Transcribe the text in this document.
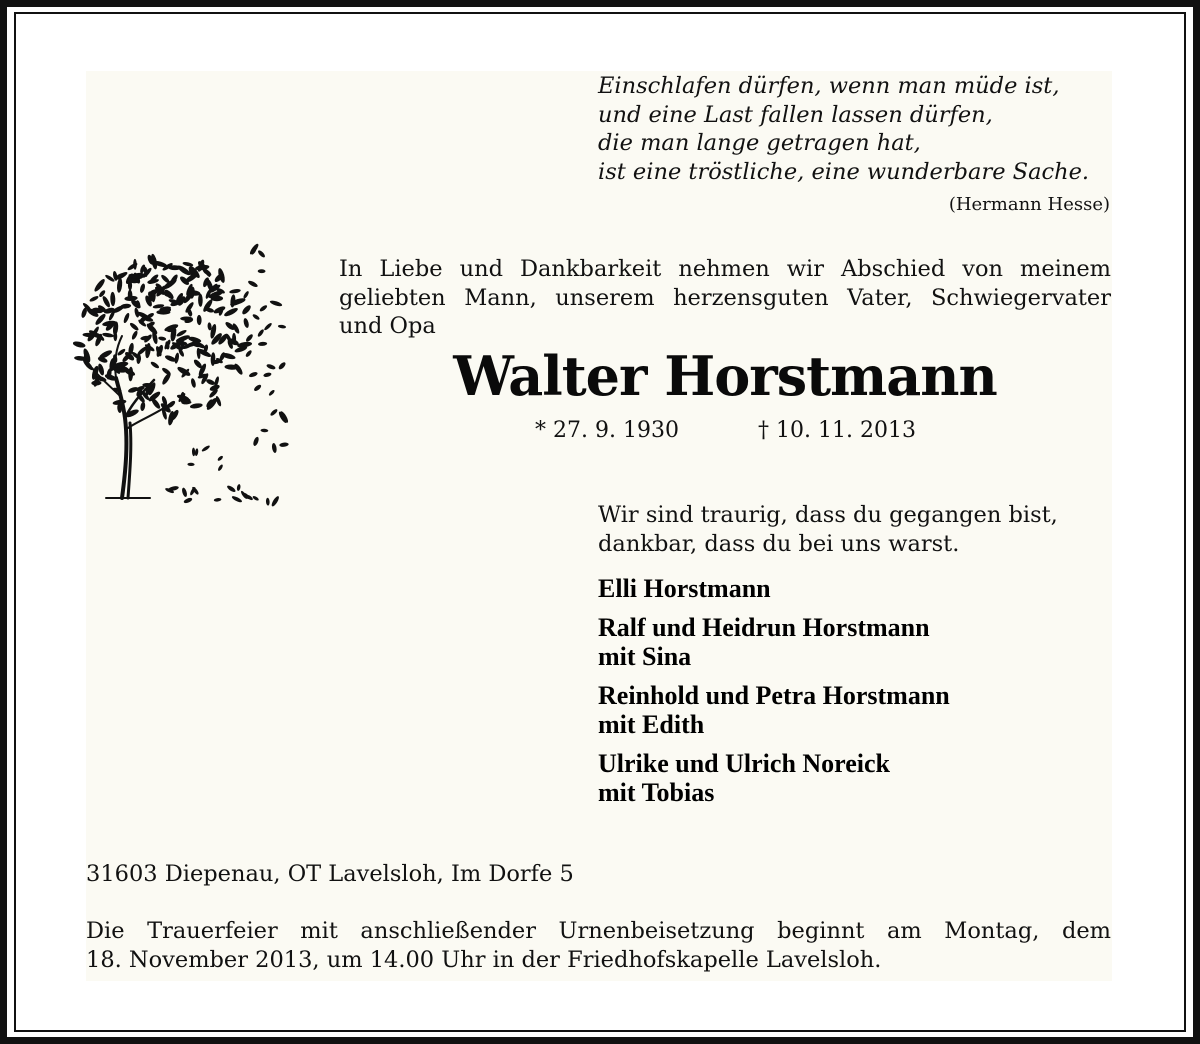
Einschlafen dürfen, wenn man müde ist,
und eine Last fallen lassen dürfen,
die man lange getragen hat,
ist eine tröstliche, eine wunderbare Sache.
(Hermann Hesse)
In Liebe und Dankbarkeit nehmen wir Abschied von meinem
geliebten Mann, unserem herzensguten Vater, Schwiegervater
und Opa
Walter Horstmann
* 27. 9. 1930	† 10. 11. 2013
Wir sind traurig, dass du gegangen bist,
dankbar, dass du bei uns warst.
Elli Horstmann
Ralf und Heidrun Horstmann
mit Sina
Reinhold und Petra Horstmann
mit Edith
Ulrike und Ulrich Noreick
mit Tobias
31603 Diepenau, OT Lavelsloh, Im Dorfe 5
Die Trauerfeier mit anschließender Urnenbeisetzung beginnt am Montag, dem
18. November 2013, um 14.00 Uhr in der Friedhofskapelle Lavelsloh.
